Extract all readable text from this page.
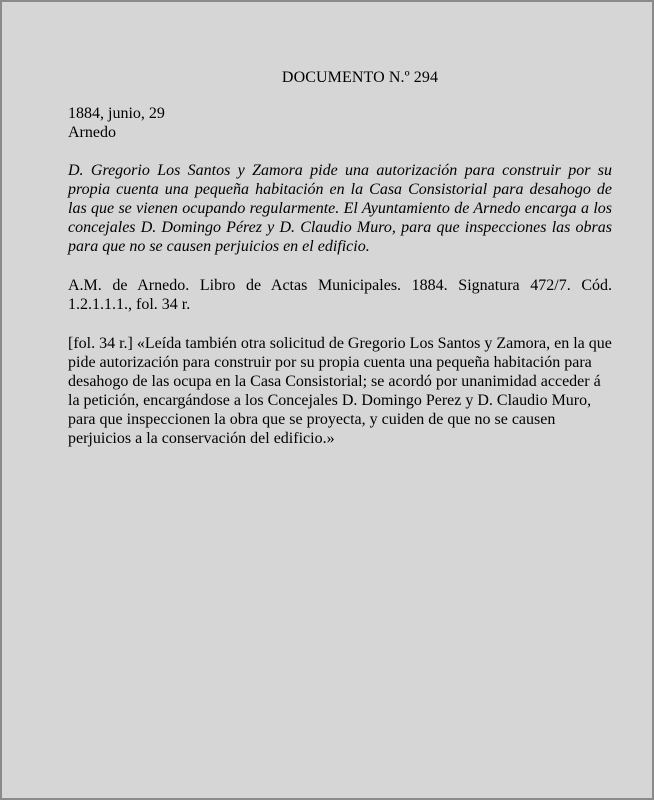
DOCUMENTO N.º 294

1884, junio, 29

Arnedo

D. Gregorio Los Santos y Zamora pide una autorización para construir por su propia cuenta una pequeña habitación en la Casa Consistorial para desahogo de las que se vienen ocupando regularmente. El Ayuntamiento de Arnedo encarga a los concejales D. Domingo Pérez y D. Claudio Muro, para que inspecciones las obras para que no se causen perjuicios en el edificio.

A.M. de Arnedo. Libro de Actas Municipales. 1884. Signatura 472/7. Cód. 1.2.1.1.1., fol. 34 r.

[fol. 34 r.] «Leída también otra solicitud de Gregorio Los Santos y Zamora, en la que pide autorización para construir por su propia cuenta una pequeña habitación para desahogo de las ocupa en la Casa Consistorial; se acordó por unanimidad acceder á la petición, encargándose a los Concejales D. Domingo Perez y D. Claudio Muro, para que inspeccionen la obra que se proyecta, y cuiden de que no se causen perjuicios a la conservación del edificio.»
